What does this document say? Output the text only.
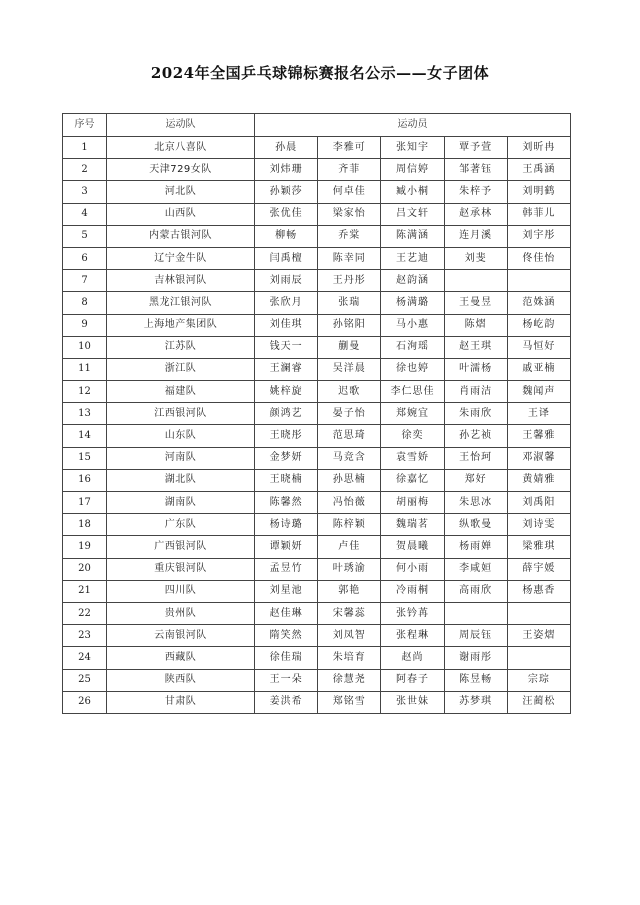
2024年全国乒乓球锦标赛报名公示——女子团体
序号	运动队	运动员				
1	北京八喜队	孙晨	李雅可	张知宇	覃予萱	刘昕冉
2	天津729女队	刘炜珊	齐菲	周信婷	邹著钰	王禹涵
3	河北队	孙颖莎	何卓佳	臧小桐	朱梓予	刘明鹤
4	山西队	张优佳	梁家怡	吕文轩	赵承林	韩菲儿
5	内蒙古银河队	柳畅	乔棠	陈满涵	连月溪	刘宇彤
6	辽宁金牛队	闫禹檀	陈幸同	王艺迪	刘斐	佟佳怡
7	吉林银河队	刘雨辰	王丹彤	赵韵涵		
8	黑龙江银河队	张欣月	张瑞	杨满璐	王曼昱	范姝涵
9	上海地产集团队	刘佳琪	孙铭阳	马小惠	陈熠	杨屹韵
10	江苏队	钱天一	蒯曼	石洵瑶	赵王琪	马恒好
11	浙江队	王澜睿	吴洋晨	徐也婷	叶濡杨	戚亚楠
12	福建队	姚梓旋	迟歌	李仁思佳	肖雨洁	魏闻声
13	江西银河队	颜鸿艺	晏子怡	郑婉宜	朱雨欣	王译
14	山东队	王晓彤	范思琦	徐奕	孙艺祯	王馨雅
15	河南队	金梦妍	马竞含	袁雪娇	王怡珂	邓淑馨
16	湖北队	王晓楠	孙思楠	徐嘉忆	郑好	黄婧雅
17	湖南队	陈馨然	冯怡薇	胡丽梅	朱思冰	刘禹阳
18	广东队	杨诗璐	陈梓颖	魏瑞茗	纵歌曼	刘诗雯
19	广西银河队	谭颖妍	卢佳	贺晨曦	杨雨婵	梁雅琪
20	重庆银河队	孟昱竹	叶琇渝	何小雨	李咸姮	薛宇媛
21	四川队	刘星池	郭艳	冷雨桐	高雨欣	杨惠香
22	贵州队	赵佳琳	宋馨蕊	张钤苒		
23	云南银河队	隋笑然	刘凤智	张程琳	周辰钰	王姿熠
24	西藏队	徐佳瑞	朱培育	赵尚	谢雨彤	
25	陕西队	王一朵	徐慧尧	阿春子	陈昱畅	宗琮
26	甘肃队	姜洪希	郑铭雪	张世妹	苏梦琪	汪蔺松
